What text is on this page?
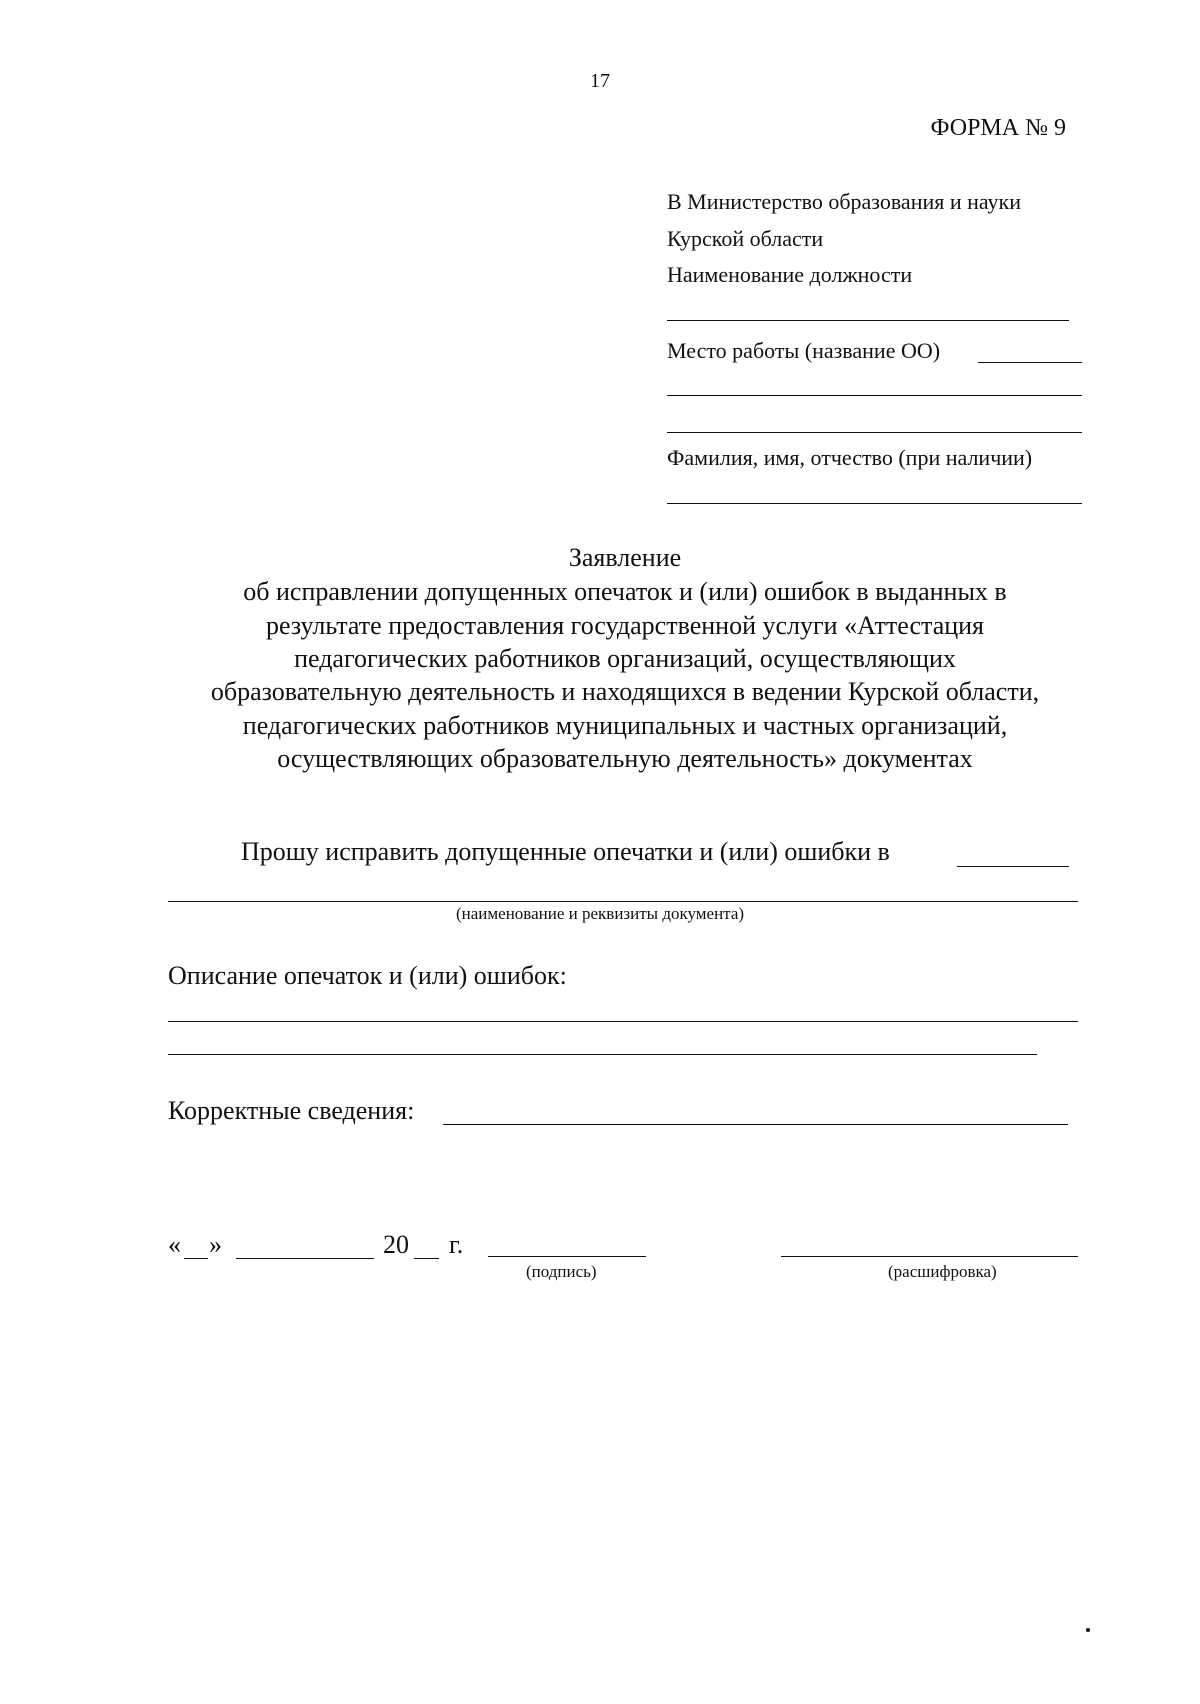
17
ФОРМА № 9
В Министерство образования и науки
Курской области
Наименование должности
Место работы (название ОО)
Фамилия, имя, отчество (при наличии)
Заявление
об исправлении допущенных опечаток и (или) ошибок в выданных в
результате предоставления государственной услуги «Аттестация
педагогических работников организаций, осуществляющих
образовательную деятельность и находящихся в ведении Курской области,
педагогических работников муниципальных и частных организаций,
осуществляющих образовательную деятельность» документах
Прошу исправить допущенные опечатки и (или) ошибки в
(наименование и реквизиты документа)
Описание опечаток и (или) ошибок:
Корректные сведения:
« »	20 г.
(подпись)	(расшифровка)
